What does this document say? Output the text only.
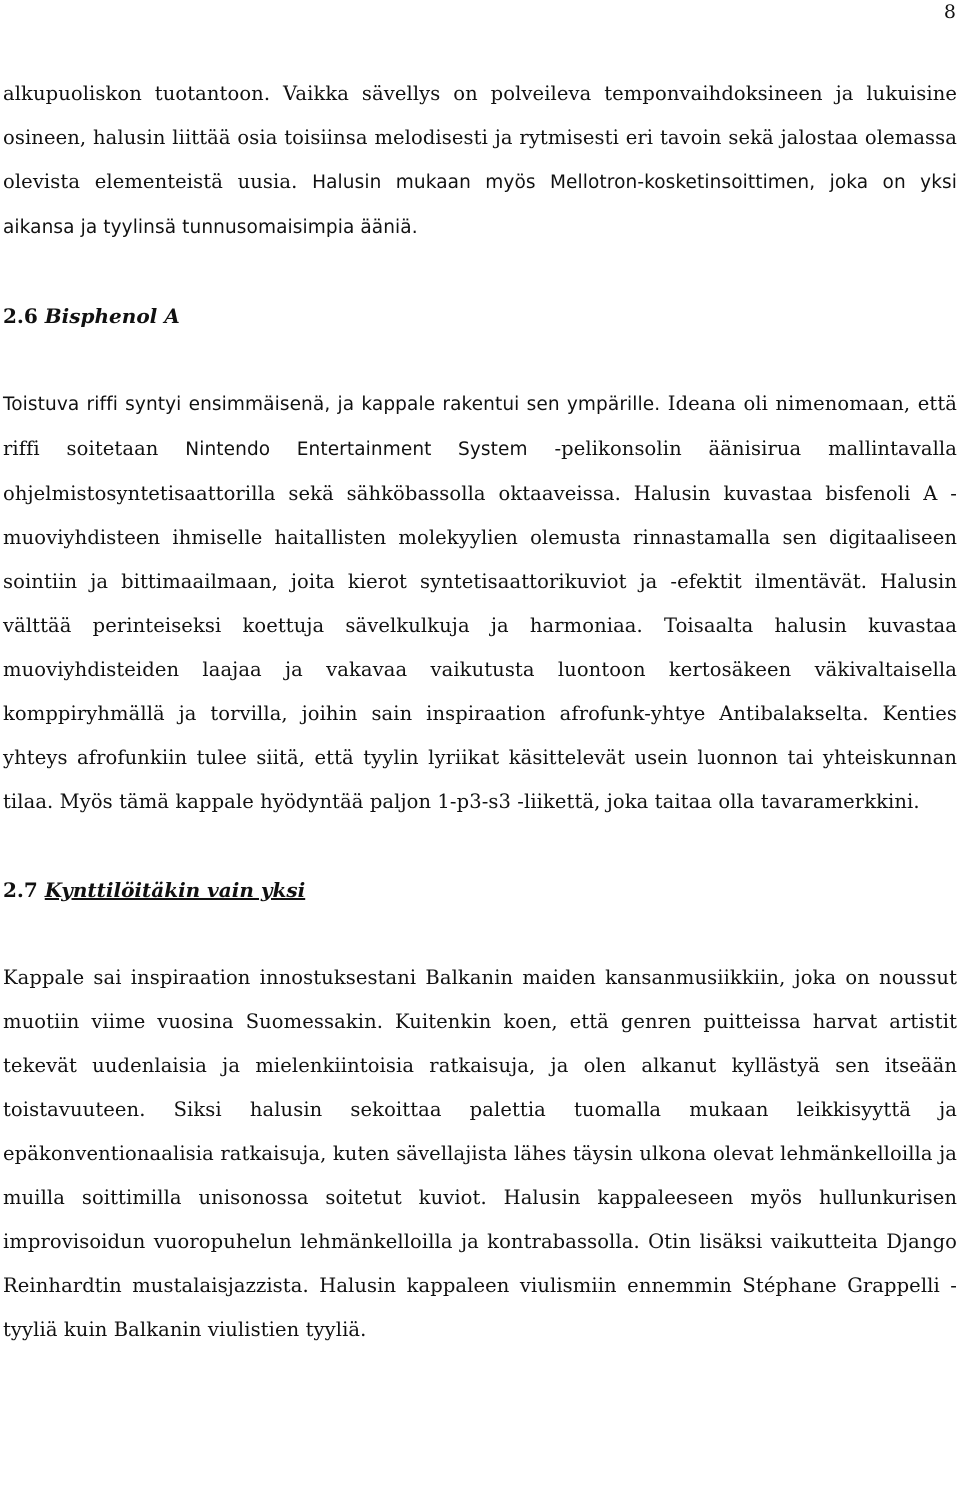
8

alkupuoliskon tuotantoon. Vaikka sävellys on polveileva temponvaihdoksineen ja lukuisine osineen, halusin liittää osia toisiinsa melodisesti ja rytmisesti eri tavoin sekä jalostaa olemassa olevista elementeistä uusia. Halusin mukaan myös Mellotron-kosketinsoittimen, joka on yksi aikansa ja tyylinsä tunnusomaisimpia ääniä.

2.6 Bisphenol A

Toistuva riffi syntyi ensimmäisenä, ja kappale rakentui sen ympärille. Ideana oli nimenomaan, että riffi soitetaan Nintendo Entertainment System -pelikonsolin äänisirua mallintavalla ohjelmistosyntetisaattorilla sekä sähköbassolla oktaaveissa. Halusin kuvastaa bisfenoli A -muoviyhdisteen ihmiselle haitallisten molekyylien olemusta rinnastamalla sen digitaaliseen sointiin ja bittimaailmaan, joita kierot syntetisaattorikuviot ja -efektit ilmentävät. Halusin välttää perinteiseksi koettuja sävelkulkuja ja harmoniaa. Toisaalta halusin kuvastaa muoviyhdisteiden laajaa ja vakavaa vaikutusta luontoon kertosäkeen väkivaltaisella komppiryhmällä ja torvilla, joihin sain inspiraation afrofunk-yhtye Antibalakselta. Kenties yhteys afrofunkiin tulee siitä, että tyylin lyriikat käsittelevät usein luonnon tai yhteiskunnan tilaa. Myös tämä kappale hyödyntää paljon 1-p3-s3 -liikettä, joka taitaa olla tavaramerkkini.

2.7 Kynttilöitäkin vain yksi

Kappale sai inspiraation innostuksestani Balkanin maiden kansanmusiikkiin, joka on noussut muotiin viime vuosina Suomessakin. Kuitenkin koen, että genren puitteissa harvat artistit tekevät uudenlaisia ja mielenkiintoisia ratkaisuja, ja olen alkanut kyllästyä sen itseään toistavuuteen. Siksi halusin sekoittaa palettia tuomalla mukaan leikkisyyttä ja epäkonventionaalisia ratkaisuja, kuten sävellajista lähes täysin ulkona olevat lehmänkelloilla ja muilla soittimilla unisonossa soitetut kuviot. Halusin kappaleeseen myös hullunkurisen improvisoidun vuoropuhelun lehmänkelloilla ja kontrabassolla. Otin lisäksi vaikutteita Django Reinhardtin mustalaisjazzista. Halusin kappaleen viulismiin ennemmin Stéphane Grappelli -tyyliä kuin Balkanin viulistien tyyliä.
